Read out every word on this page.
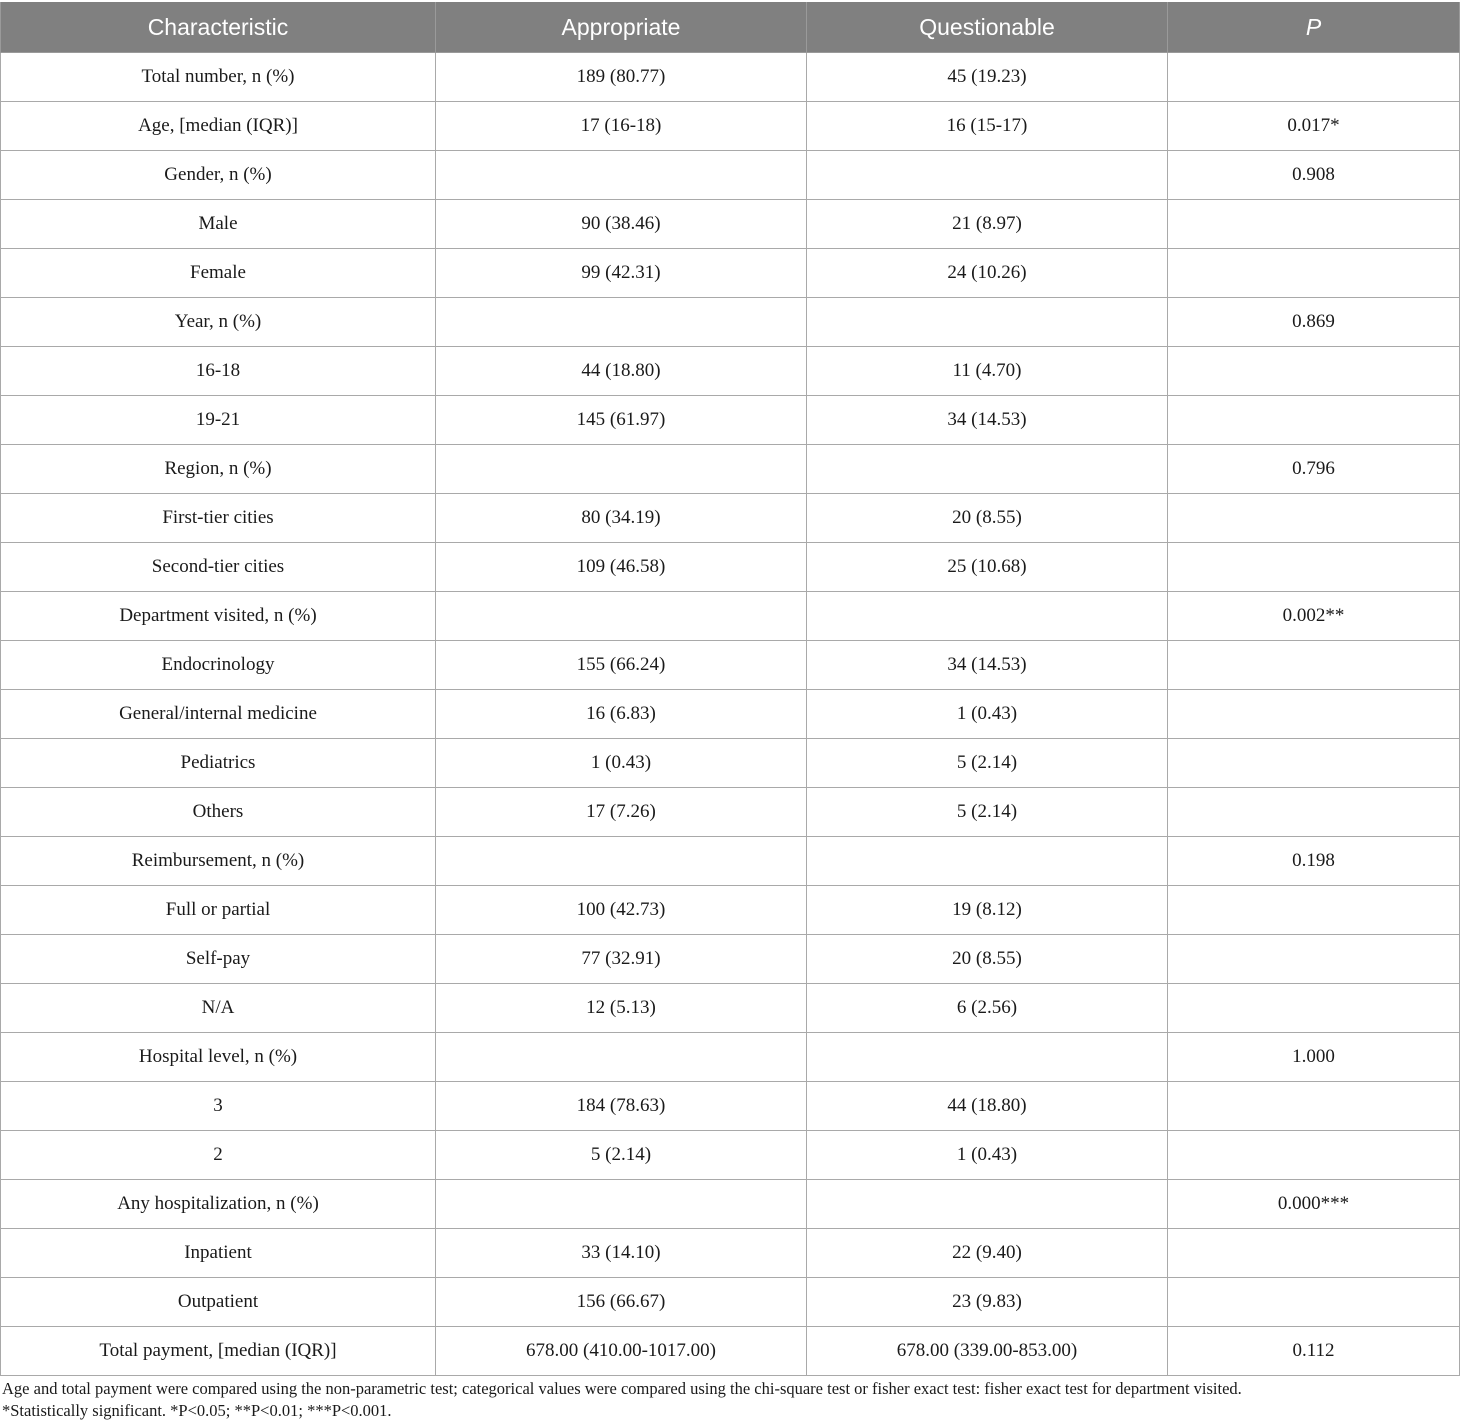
Characteristic	Appropriate	Questionable	P
Total number, n (%)	189 (80.77)	45 (19.23)	
Age, [median (IQR)]	17 (16-18)	16 (15-17)	0.017*
Gender, n (%)			0.908
Male	90 (38.46)	21 (8.97)	
Female	99 (42.31)	24 (10.26)	
Year, n (%)			0.869
16-18	44 (18.80)	11 (4.70)	
19-21	145 (61.97)	34 (14.53)	
Region, n (%)			0.796
First-tier cities	80 (34.19)	20 (8.55)	
Second-tier cities	109 (46.58)	25 (10.68)	
Department visited, n (%)			0.002**
Endocrinology	155 (66.24)	34 (14.53)	
General/internal medicine	16 (6.83)	1 (0.43)	
Pediatrics	1 (0.43)	5 (2.14)	
Others	17 (7.26)	5 (2.14)	
Reimbursement, n (%)			0.198
Full or partial	100 (42.73)	19 (8.12)	
Self-pay	77 (32.91)	20 (8.55)	
N/A	12 (5.13)	6 (2.56)	
Hospital level, n (%)			1.000
3	184 (78.63)	44 (18.80)	
2	5 (2.14)	1 (0.43)	
Any hospitalization, n (%)			0.000***
Inpatient	33 (14.10)	22 (9.40)	
Outpatient	156 (66.67)	23 (9.83)	
Total payment, [median (IQR)]	678.00 (410.00-1017.00)	678.00 (339.00-853.00)	0.112

Age and total payment were compared using the non-parametric test; categorical values were compared using the chi-square test or fisher exact test: fisher exact test for department visited.

*Statistically significant. *P<0.05; **P<0.01; ***P<0.001.
